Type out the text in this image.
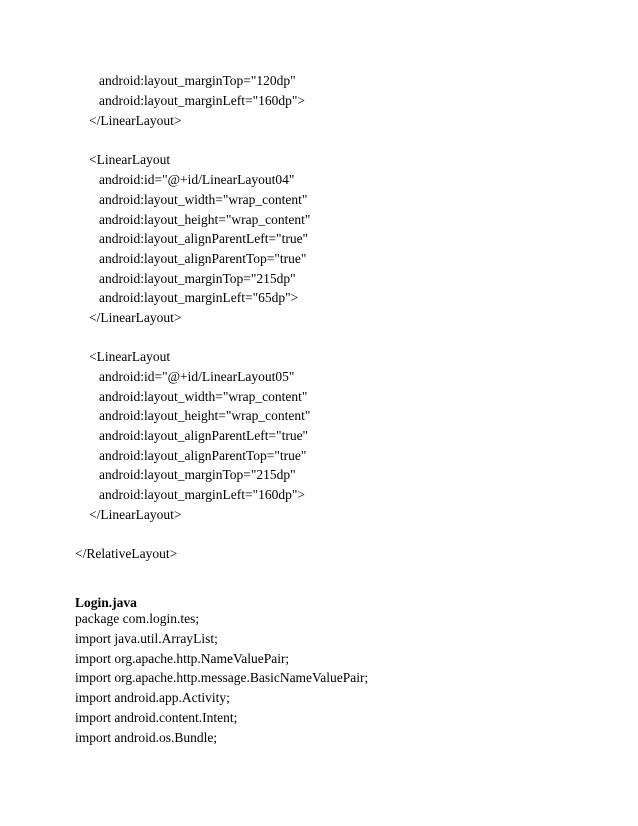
android:layout_marginTop="120dp"
android:layout_marginLeft="160dp">
</LinearLayout>
<LinearLayout
android:id="@+id/LinearLayout04"
android:layout_width="wrap_content"
android:layout_height="wrap_content"
android:layout_alignParentLeft="true"
android:layout_alignParentTop="true"
android:layout_marginTop="215dp"
android:layout_marginLeft="65dp">
</LinearLayout>
<LinearLayout
android:id="@+id/LinearLayout05"
android:layout_width="wrap_content"
android:layout_height="wrap_content"
android:layout_alignParentLeft="true"
android:layout_alignParentTop="true"
android:layout_marginTop="215dp"
android:layout_marginLeft="160dp">
</LinearLayout>
</RelativeLayout>
Login.java
package com.login.tes;
import java.util.ArrayList;
import org.apache.http.NameValuePair;
import org.apache.http.message.BasicNameValuePair;
import android.app.Activity;
import android.content.Intent;
import android.os.Bundle;
